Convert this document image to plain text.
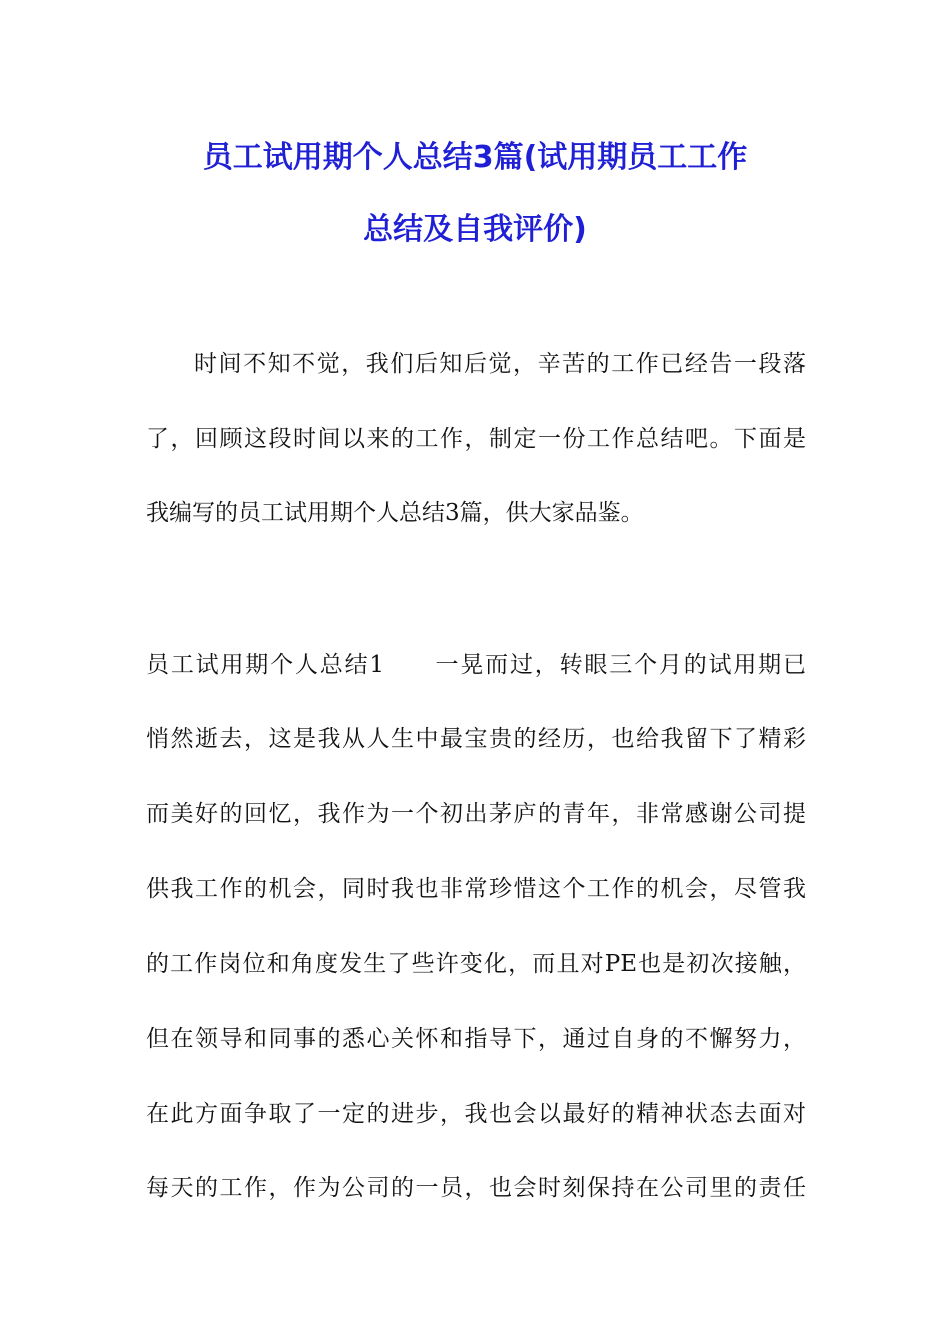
员工试用期个人总结3篇(试用期员工工作
总结及自我评价)
时间不知不觉，我们后知后觉，辛苦的工作已经告一段落
了，回顾这段时间以来的工作，制定一份工作总结吧。下面是
我编写的员工试用期个人总结3篇，供大家品鉴。
员工试用期个人总结1　　一晃而过，转眼三个月的试用期已
悄然逝去，这是我从人生中最宝贵的经历，也给我留下了精彩
而美好的回忆，我作为一个初出茅庐的青年，非常感谢公司提
供我工作的机会，同时我也非常珍惜这个工作的机会，尽管我
的工作岗位和角度发生了些许变化，而且对PE也是初次接触，
但在领导和同事的悉心关怀和指导下，通过自身的不懈努力，
在此方面争取了一定的进步，我也会以最好的精神状态去面对
每天的工作，作为公司的一员，也会时刻保持在公司里的责任
